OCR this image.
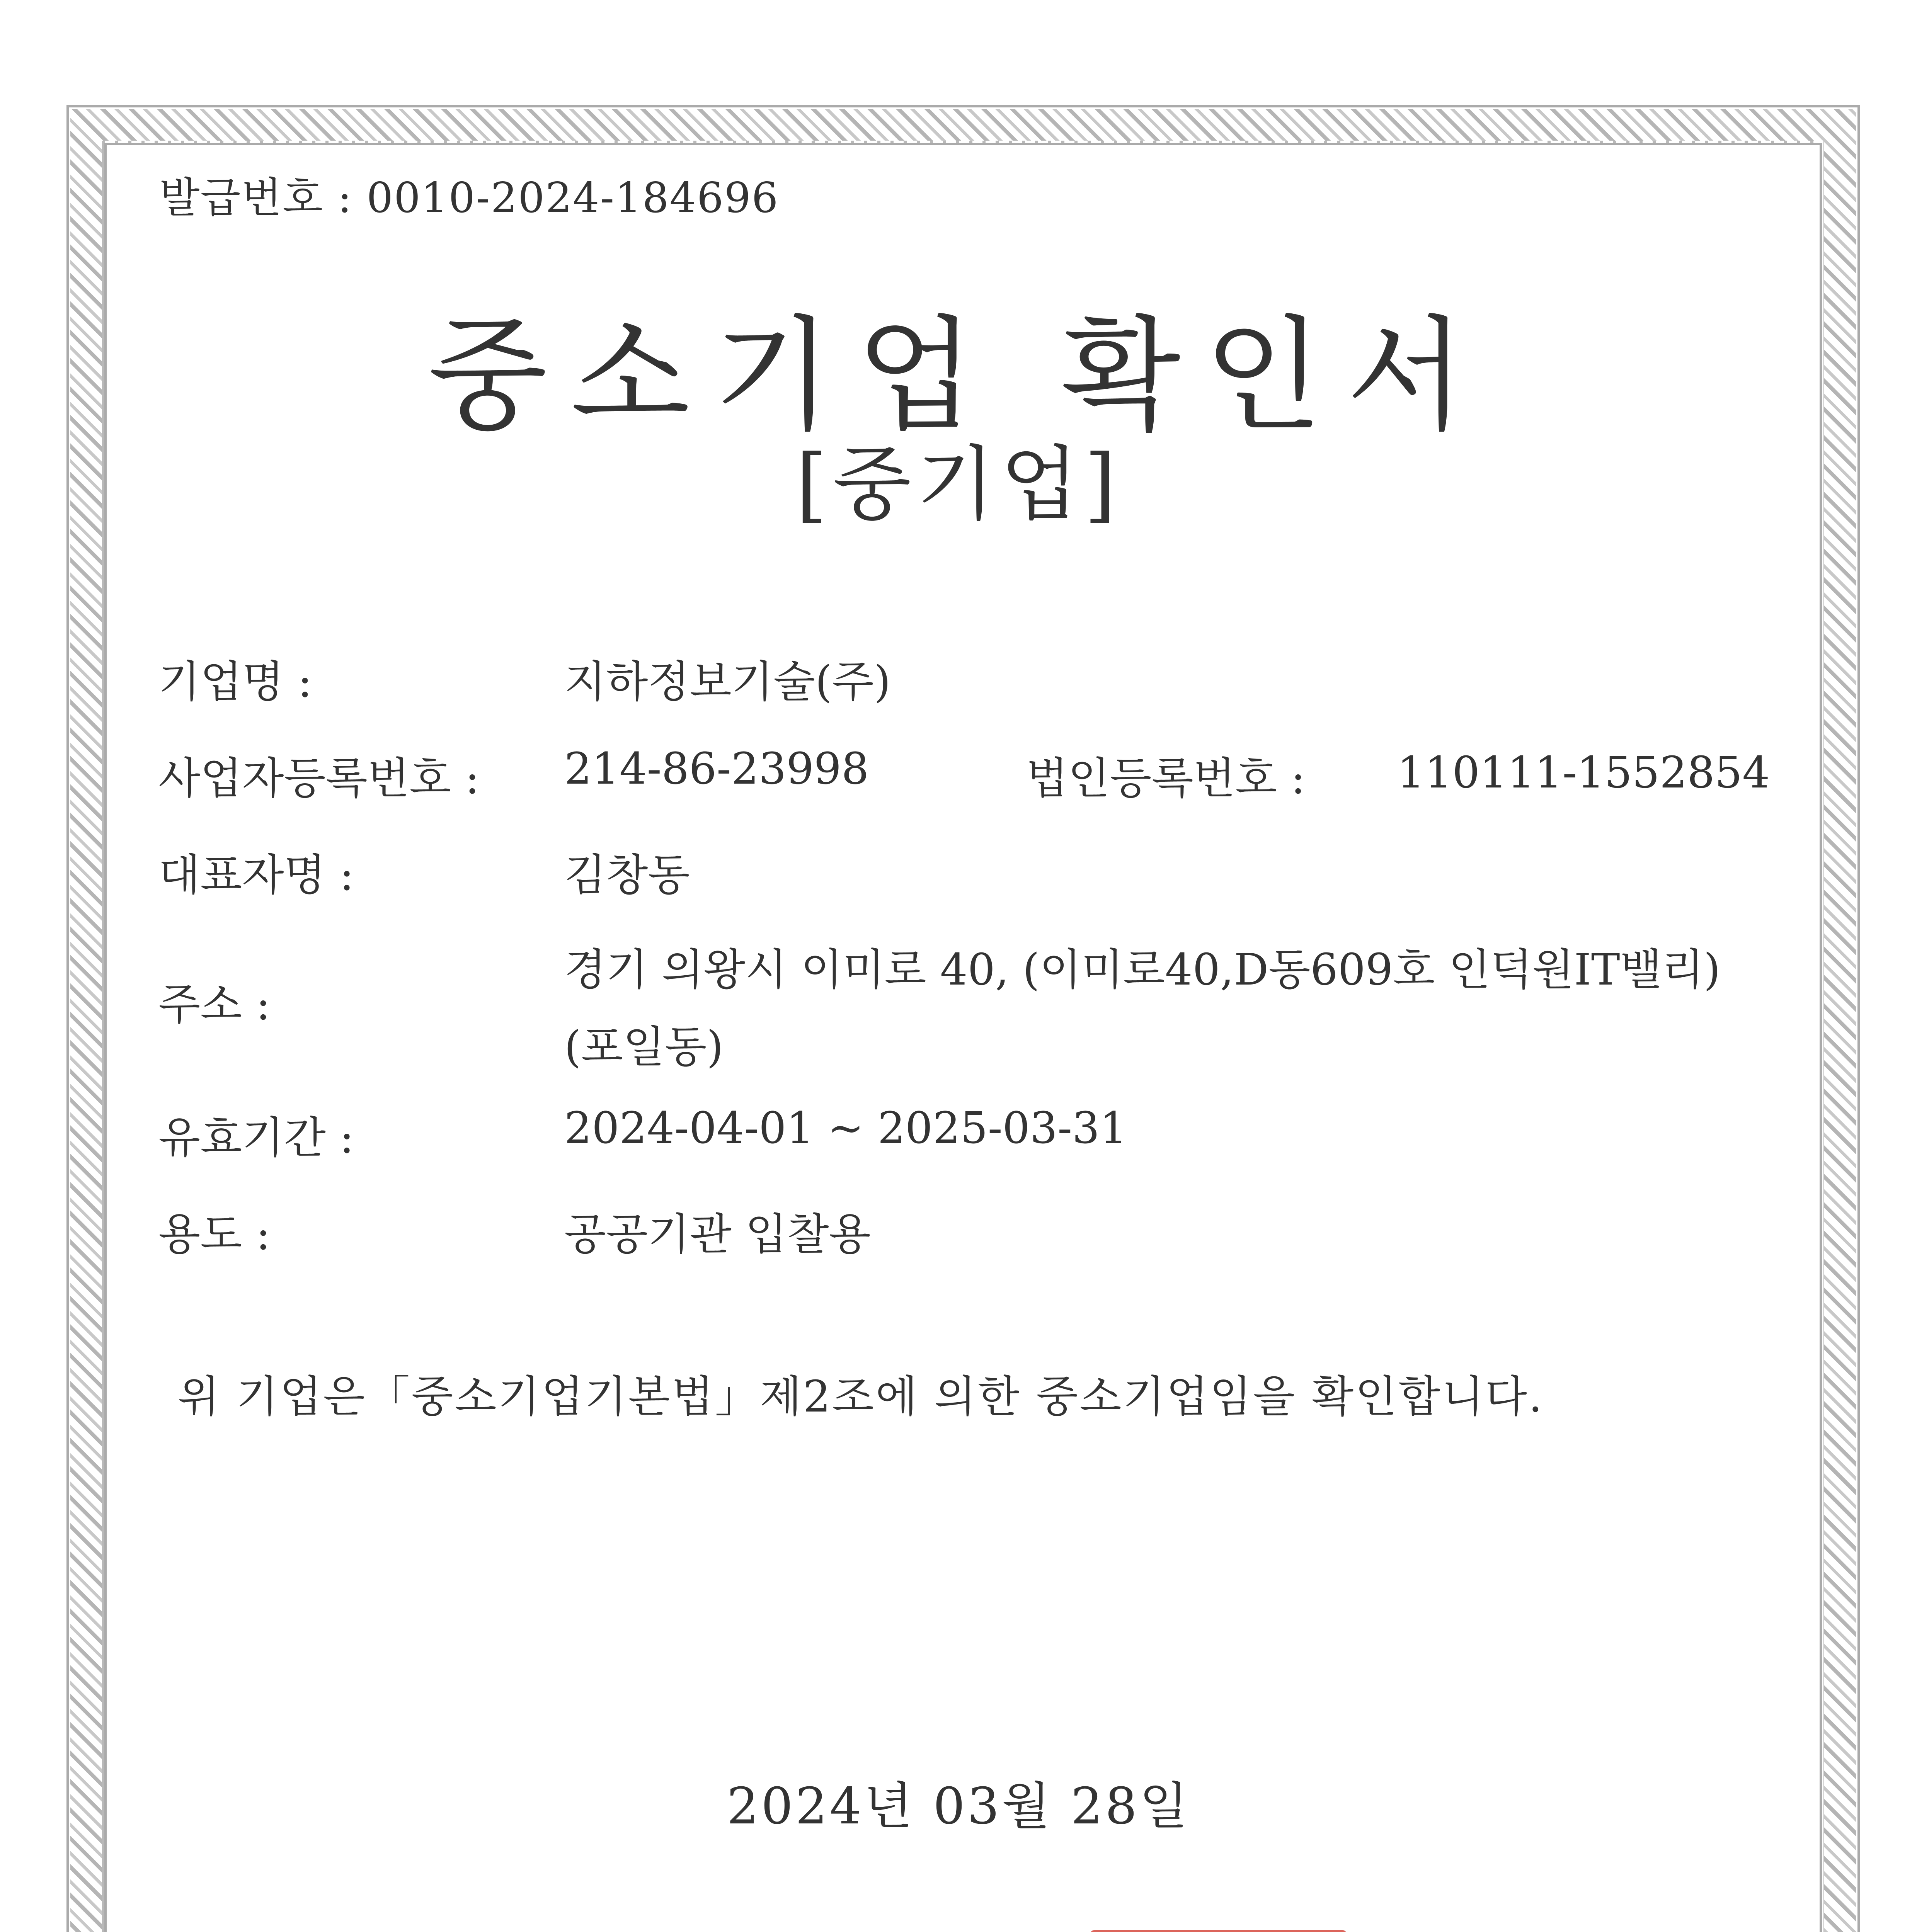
발급번호 : 0010-2024-184696
중소기업 확인서
[중기업]
기업명 :	지하정보기술(주)
사업자등록번호 : 214-86-23998	법인등록번호 : 110111-1552854
대표자명 :	김창동
주소 :
경기 의왕시 이미로 40, (이미로40,D동609호 인덕원IT밸리)
(포일동)
유효기간 :	2024-04-01 ~ 2025-03-31
용도 :	공공기관 입찰용
위 기업은「중소기업기본법」제2조에 의한 중소기업임을 확인합니다.
2024년 03월 28일
